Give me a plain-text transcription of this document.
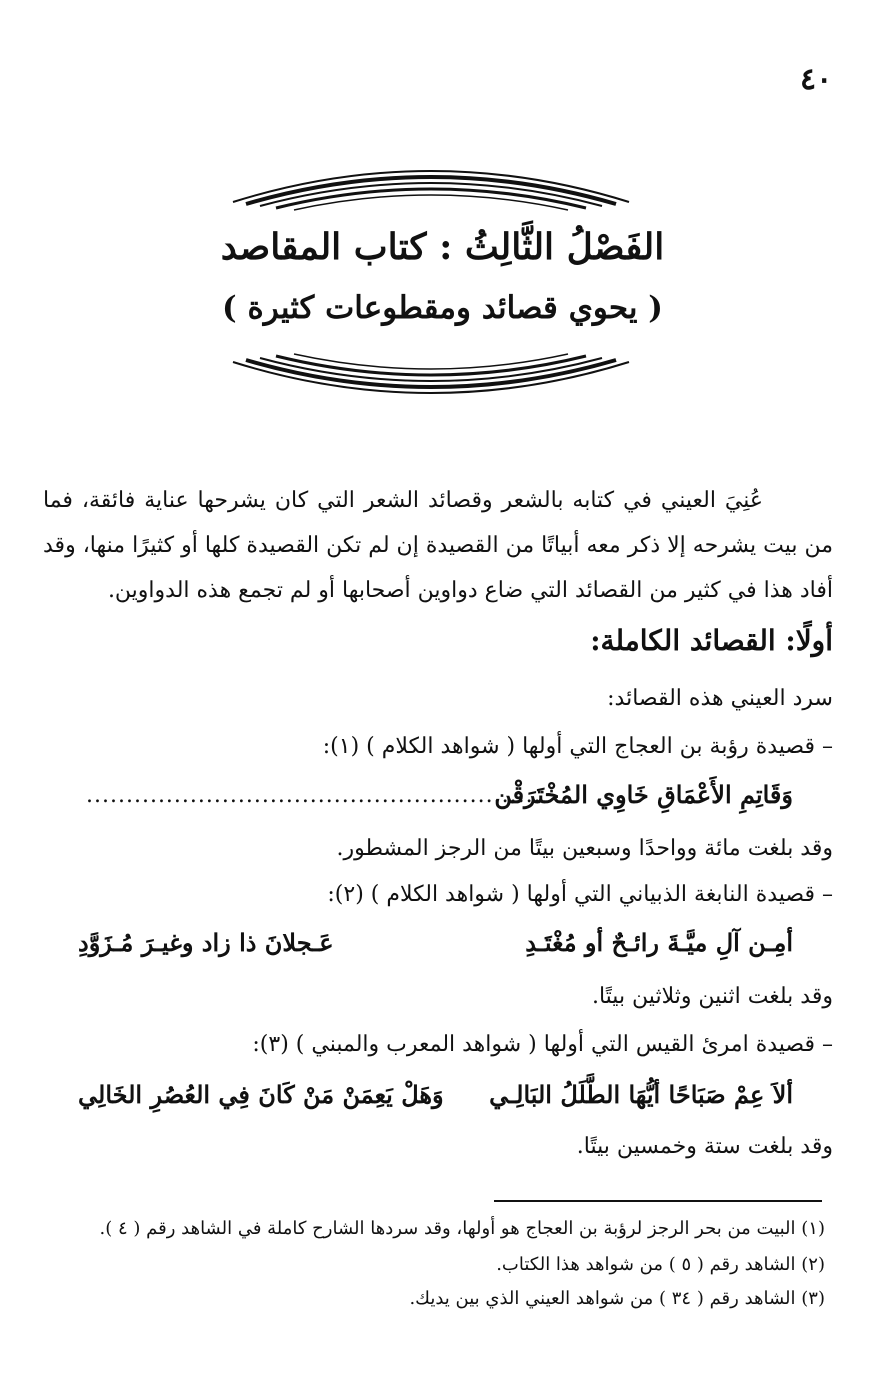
٤٠
الفَصْلُ الثَّالِثُ : كتاب المقاصد
( يحوي قصائد ومقطوعات كثيرة )

عُنِيَ العيني في كتابه بالشعر وقصائد الشعر التي كان يشرحها عناية فائقة، فما من بيت يشرحه إلا ذكر معه أبياتًا من القصيدة إن لم تكن القصيدة كلها أو كثيرًا منها، وقد أفاد هذا في كثير من القصائد التي ضاع دواوين أصحابها أو لم تجمع هذه الدواوين.

أولًا: القصائد الكاملة:
سرد العيني هذه القصائد:
– قصيدة رؤبة بن العجاج التي أولها ( شواهد الكلام ) (١):
وَقَاتِمِ الأَعْمَاقِ خَاوِي المُخْتَرَقْن
.........................................................
وقد بلغت مائة وواحدًا وسبعين بيتًا من الرجز المشطور.
– قصيدة النابغة الذبياني التي أولها ( شواهد الكلام ) (٢):
أمِـن آلِ ميَّـةَ رائـحٌ أو مُغْتَـدِ
عَـجلانَ ذا زاد وغيـرَ مُـزَوَّدِ
وقد بلغت اثنين وثلاثين بيتًا.
– قصيدة امرئ القيس التي أولها ( شواهد المعرب والمبني ) (٣):
ألاَ عِمْ صَبَاحًا أيُّهَا الطَّلَلُ البَالِـي
وَهَلْ يَعِمَنْ مَنْ كَانَ فِي العُصُرِ الخَالِي
وقد بلغت ستة وخمسين بيتًا.
(١) البيت من بحر الرجز لرؤبة بن العجاج هو أولها، وقد سردها الشارح كاملة في الشاهد رقم ( ٤ ).
(٢) الشاهد رقم ( ٥ ) من شواهد هذا الكتاب.
(٣) الشاهد رقم ( ٣٤ ) من شواهد العيني الذي بين يديك.
